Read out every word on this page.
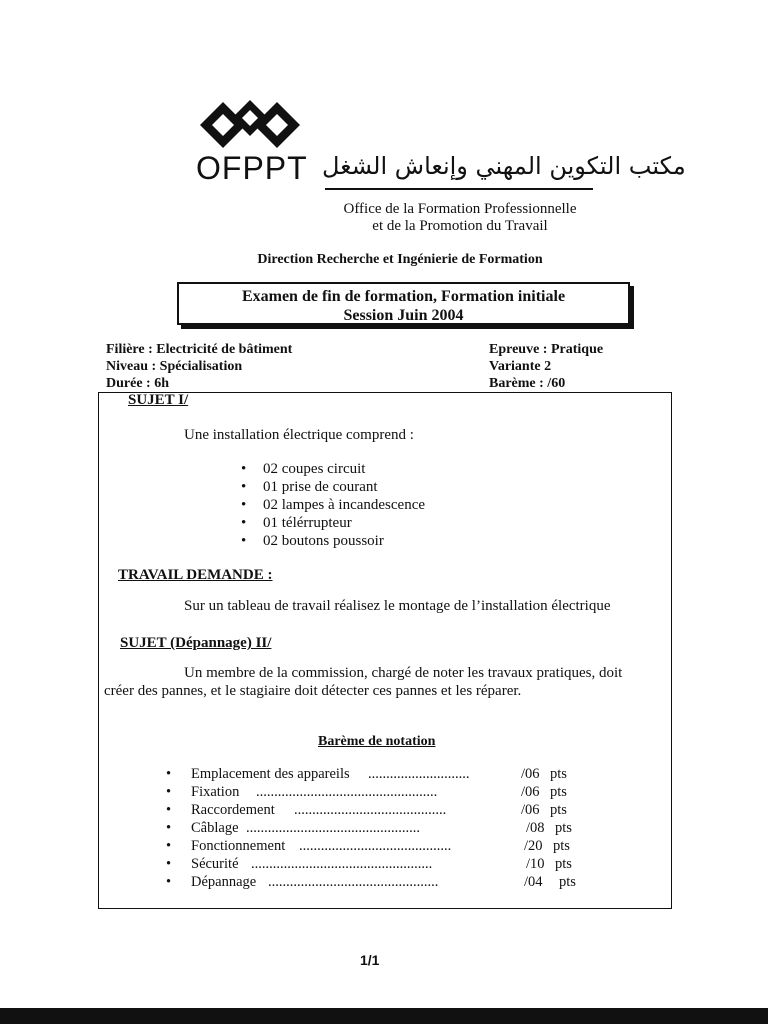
OFPPT مكتب التكوين المهني وإنعاش الشغل
Office de la Formation Professionnelle
et de la Promotion du Travail
Direction Recherche et Ingénierie de Formation
Examen de fin de formation, Formation initiale
Session Juin 2004
Filière : Electricité de bâtiment
Niveau : Spécialisation
Durée : 6h
Epreuve : Pratique
Variante 2
Barème : /60
SUJET I/
Une installation électrique comprend :
• 02 coupes circuit
• 01 prise de courant
• 02 lampes à incandescence
• 01 télérrupteur
• 02 boutons poussoir
TRAVAIL DEMANDE :
Sur un tableau de travail réalisez le montage de l’installation électrique
SUJET (Dépannage) II/
Un membre de la commission, chargé de noter les travaux pratiques, doit
créer des pannes, et le stagiaire doit détecter ces pannes et les réparer.
Barème de notation
• Emplacement des appareils ............................	/06 pts
• Fixation ..................................................	/06 pts
• Raccordement ..........................................	/06 pts
• Câblage ................................................	/08 pts
• Fonctionnement ..........................................	/20 pts
• Sécurité ..................................................	/10 pts
• Dépannage ...............................................	/04 pts
1/1
